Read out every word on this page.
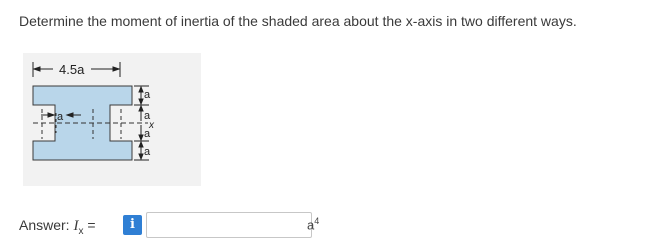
Determine the moment of inertia of the shaded area about the x-axis in two different ways.
4.5a
x
a
a
a
a
a
Answer: $I_x$ =	i	$a^4$
